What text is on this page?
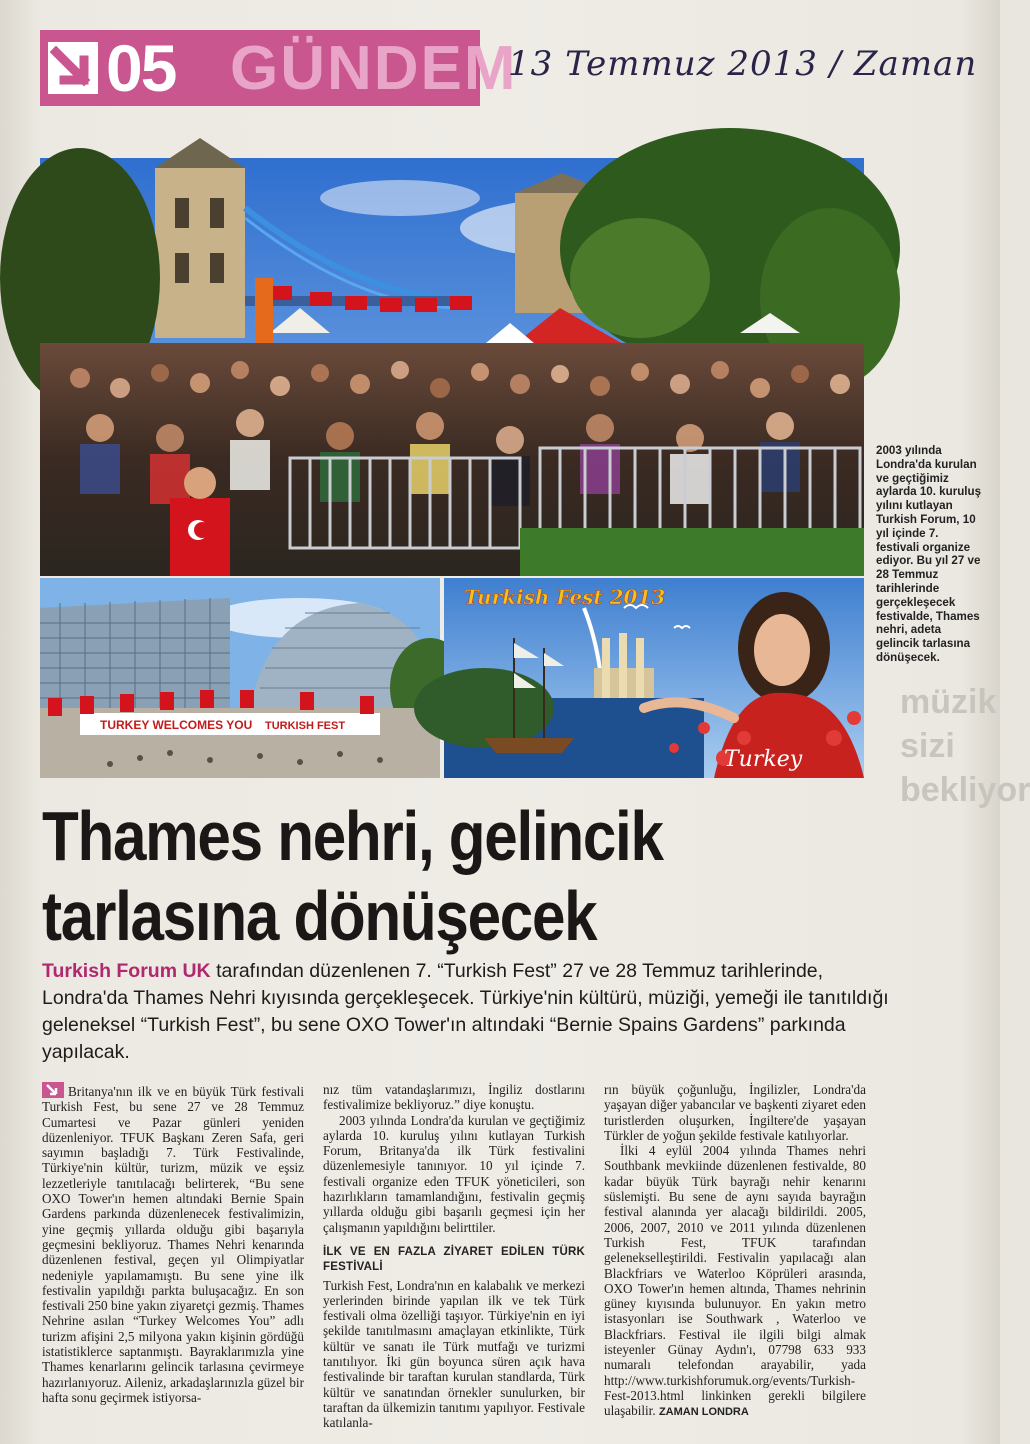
05 GÜNDEM
13 Temmuz 2013 / Zaman
TURKEY WELCOMES YOU TURKISH FEST
Turkish Fest 2013
Turkey
2003 yılında Londra'da kurulan ve geçtiğimiz aylarda 10. kuruluş yılını kutlayan Turkish Forum, 10 yıl içinde 7. festivali organize ediyor. Bu yıl 27 ve 28 Temmuz tarihlerinde gerçekleşecek festivalde, Thames nehri, adeta gelincik tarlasına dönüşecek.
müzik sizi bekliyor
Thames nehri, gelincik
tarlasına dönüşecek
Turkish Forum UK tarafından düzenlenen 7. “Turkish Fest” 27 ve 28 Temmuz tarihlerinde, Londra'da Thames Nehri kıyısında gerçekleşecek. Türkiye'nin kültürü, müziği, yemeği ile tanıtıldığı geleneksel “Turkish Fest”, bu sene OXO Tower'ın altındaki “Bernie Spains Gardens” parkında yapılacak.

Britanya'nın ilk ve en büyük Türk festivali Turkish Fest, bu sene 27 ve 28 Temmuz Cumartesi ve Pazar günleri yeniden düzenleniyor. TFUK Başkanı Zeren Safa, geri sayımın başladığı 7. Türk Festivalinde, Türkiye'nin kültür, turizm, müzik ve eşsiz lezzetleriyle tanıtılacağı belirterek, “Bu sene OXO Tower'ın hemen altındaki Bernie Spain Gardens parkında düzenlenecek festivalimizin, yine geçmiş yıllarda olduğu gibi başarıyla geçmesini bekliyoruz. Thames Nehri kenarında düzenlenen festival, geçen yıl Olimpiyatlar nedeniyle yapılamamıştı. Bu sene yine ilk festivalin yapıldığı parkta buluşacağız. En son festivali 250 bine yakın ziyaretçi gezmiş. Thames Nehrine asılan “Turkey Welcomes You” adlı turizm afişini 2,5 milyona yakın kişinin gördüğü istatistiklerce saptanmıştı. Bayraklarımızla yine Thames kenarlarını gelincik tarlasına çevirmeye hazırlanıyoruz. Aileniz, arkadaşlarınızla güzel bir hafta sonu geçirmek istiyorsa-

nız tüm vatandaşlarımızı, İngiliz dostlarını festivalimize bekliyoruz.” diye konuştu.

2003 yılında Londra'da kurulan ve geçtiğimiz aylarda 10. kuruluş yılını kutlayan Turkish Forum, Britanya'da ilk Türk festivalini düzenlemesiyle tanınıyor. 10 yıl içinde 7. festivali organize eden TFUK yöneticileri, son hazırlıkların tamamlandığını, festivalin geçmiş yıllarda olduğu gibi başarılı geçmesi için her çalışmanın yapıldığını belirttiler.

İLK VE EN FAZLA ZİYARET EDİLEN TÜRK FESTİVALİ

Turkish Fest, Londra'nın en kalabalık ve merkezi yerlerinden birinde yapılan ilk ve tek Türk festivali olma özelliği taşıyor. Türkiye'nin en iyi şekilde tanıtılmasını amaçlayan etkinlikte, Türk kültür ve sanatı ile Türk mutfağı ve turizmi tanıtılıyor. İki gün boyunca süren açık hava festivalinde bir taraftan kurulan standlarda, Türk kültür ve sanatından örnekler sunulurken, bir taraftan da ülkemizin tanıtımı yapılıyor. Festivale katılanla-

rın büyük çoğunluğu, İngilizler, Londra'da yaşayan diğer yabancılar ve başkenti ziyaret eden turistlerden oluşurken, İngiltere'de yaşayan Türkler de yoğun şekilde festivale katılıyorlar.

İlki 4 eylül 2004 yılında Thames nehri Southbank mevkiinde düzenlenen festivalde, 80 kadar büyük Türk bayrağı nehir kenarını süslemişti. Bu sene de aynı sayıda bayrağın festival alanında yer alacağı bildirildi. 2005, 2006, 2007, 2010 ve 2011 yılında düzenlenen Turkish Fest, TFUK tarafından gelenekselleştirildi. Festivalin yapılacağı alan Blackfriars ve Waterloo Köprüleri arasında, OXO Tower'ın hemen altında, Thames nehrinin güney kıyısında bulunuyor. En yakın metro istasyonları ise Southwark , Waterloo ve Blackfriars. Festival ile ilgili bilgi almak isteyenler Günay Aydın'ı, 07798 633 933 numaralı telefondan arayabilir, yada http://www.turkishforumuk.org/events/Turkish-Fest-2013.html linkinken gerekli bilgilere ulaşabilir. ZAMAN LONDRA
